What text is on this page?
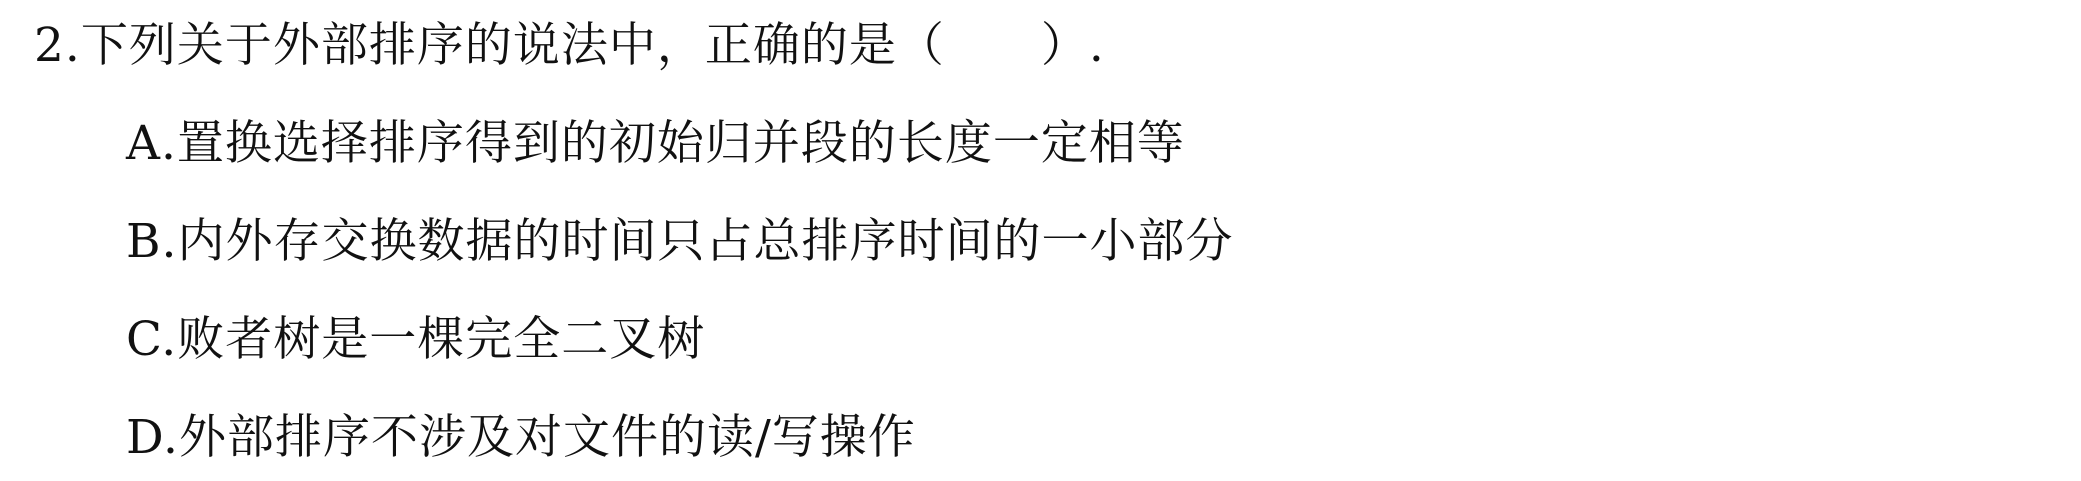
2.下列关于外部排序的说法中，正确的是（　　）.
A.置换选择排序得到的初始归并段的长度一定相等
B.内外存交换数据的时间只占总排序时间的一小部分
C.败者树是一棵完全二叉树
D.外部排序不涉及对文件的读/写操作
